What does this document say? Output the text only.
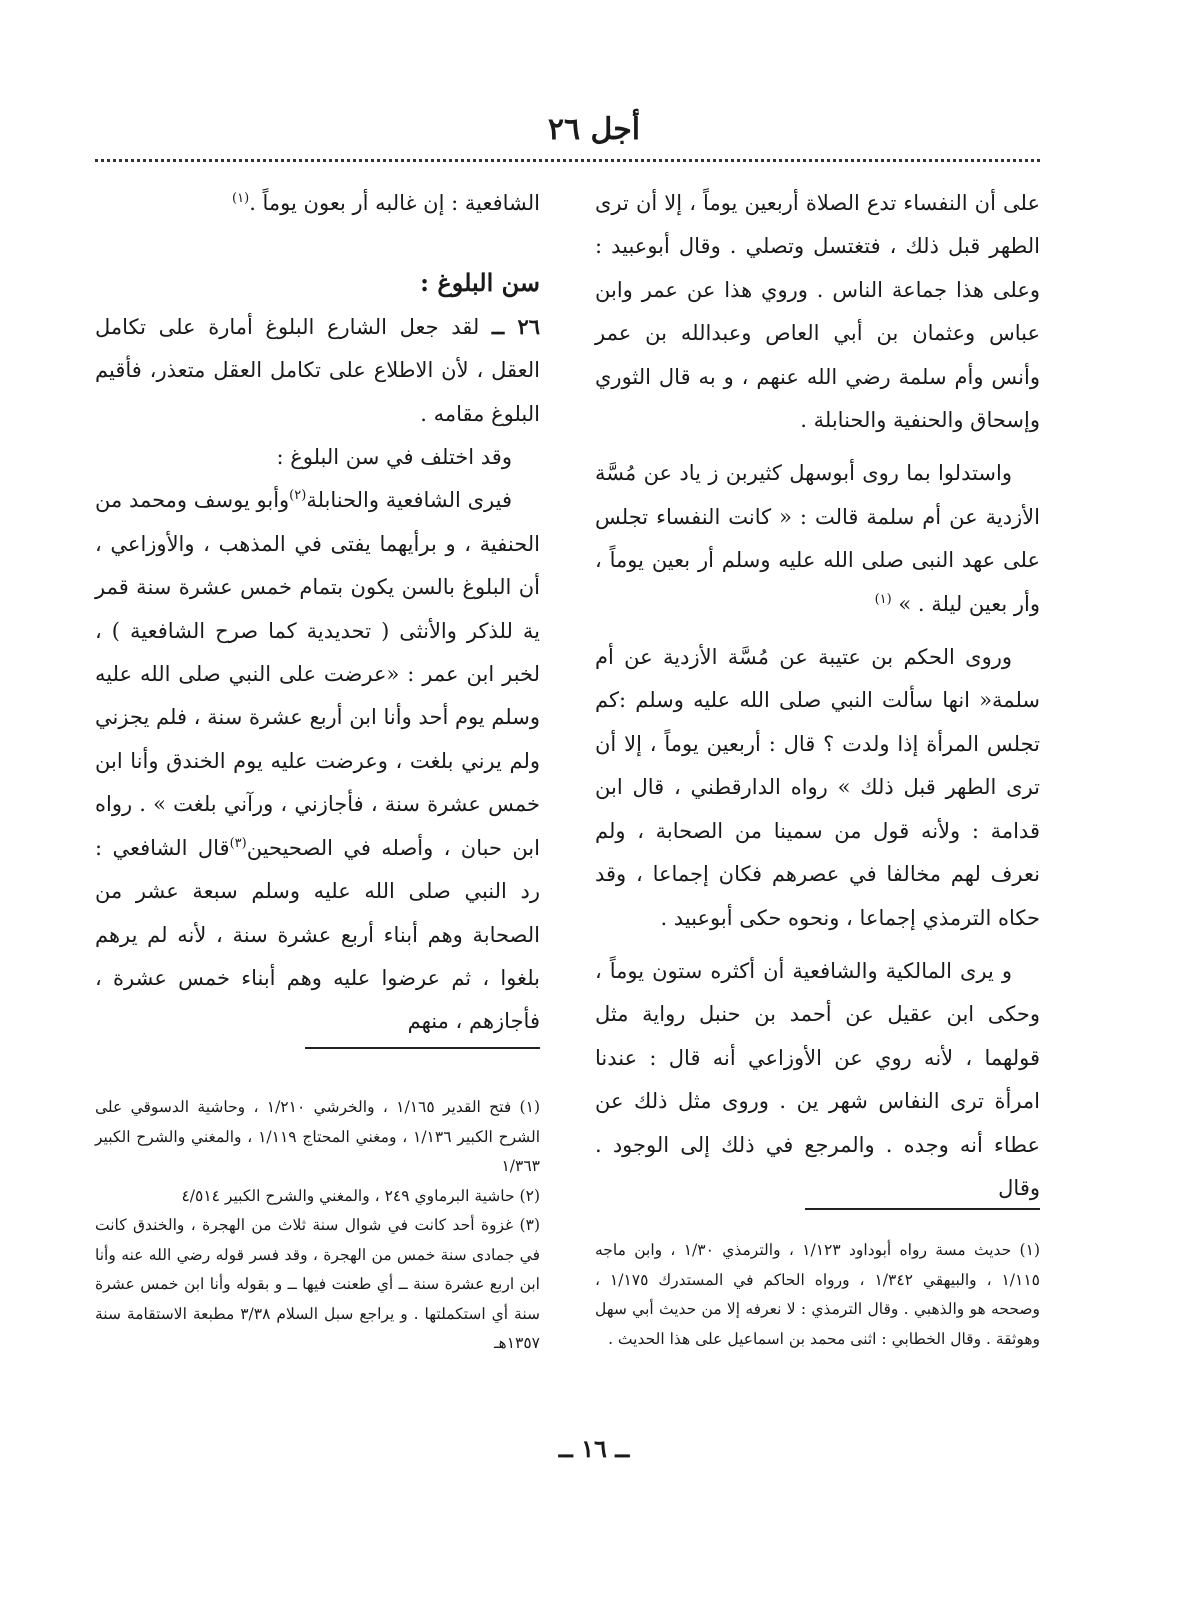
أجل ٢٦

على أن النفساء تدع الصلاة أربعين يوماً ، إلا أن ترى الطهر قبل ذلك ، فتغتسل وتصلي . وقال أبوعبيد : وعلى هذا جماعة الناس . وروي هذا عن عمر وابن عباس وعثمان بن أبي العاص وعبدالله بن عمر وأنس وأم سلمة رضي الله عنهم ، و به قال الثوري وإسحاق والحنفية والحنابلة .

واستدلوا بما روى أبوسهل كثيربن ز ياد عن مُسَّة الأزدية عن أم سلمة قالت : « كانت النفساء تجلس على عهد النبى صلى الله عليه وسلم أر بعين يوماً ، وأر بعين ليلة . » $^{(١)}$

وروى الحكم بن عتيبة عن مُسَّة الأزدية عن أم سلمة« انها سألت النبي صلى الله عليه وسلم :كم تجلس المرأة إذا ولدت ؟ قال : أربعين يوماً ، إلا أن ترى الطهر قبل ذلك » رواه الدارقطني ، قال ابن قدامة : ولأنه قول من سمينا من الصحابة ، ولم نعرف لهم مخالفا في عصرهم فكان إجماعا ، وقد حكاه الترمذي إجماعا ، ونحوه حكى أبوعبيد .

و يرى المالكية والشافعية أن أكثره ستون يوماً ، وحكى ابن عقيل عن أحمد بن حنبل رواية مثل قولهما ، لأنه روي عن الأوزاعي أنه قال : عندنا امرأة ترى النفاس شهر ين . وروى مثل ذلك عن عطاء أنه وجده . والمرجع في ذلك إلى الوجود . وقال

الشافعية : إن غالبه أر بعون يوماً .$^{(١)}$

سن البلوغ :

٢٦ ــ لقد جعل الشارع البلوغ أمارة على تكامل العقل ، لأن الاطلاع على تكامل العقل متعذر، فأقيم البلوغ مقامه .

وقد اختلف في سن البلوغ :

فيرى الشافعية والحنابلة$^{(٢)}$وأبو يوسف ومحمد من الحنفية ، و برأيهما يفتى في المذهب ، والأوزاعي ، أن البلوغ بالسن يكون بتمام خمس عشرة سنة قمر ية للذكر والأنثى ( تحديدية كما صرح الشافعية ) ، لخبر ابن عمر : «عرضت على النبي صلى الله عليه وسلم يوم أحد وأنا ابن أربع عشرة سنة ، فلم يجزني ولم يرني بلغت ، وعرضت عليه يوم الخندق وأنا ابن خمس عشرة سنة ، فأجازني ، ورآني بلغت » . رواه ابن حبان ، وأصله في الصحيحين$^{(٣)}$قال الشافعي : رد النبي صلى الله عليه وسلم سبعة عشر من الصحابة وهم أبناء أربع عشرة سنة ، لأنه لم يرهم بلغوا ، ثم عرضوا عليه وهم أبناء خمس عشرة ، فأجازهم ، منهم

(١) حديث مسة رواه أبوداود ١/١٢٣ ، والترمذي ١/٣٠ ، وابن ماجه ١/١١٥ ، والبيهقي ١/٣٤٢ ، ورواه الحاكم في المستدرك ١/١٧٥ ، وصححه هو والذهبي . وقال الترمذي : لا نعرفه إلا من حديث أبي سهل وهوثقة . وقال الخطابي : اثنى محمد بن اسماعيل على هذا الحديث .

(١) فتح القدير ١/١٦٥ ، والخرشي ١/٢١٠ ، وحاشية الدسوقي على الشرح الكبير ١/١٣٦ ، ومغني المحتاج ١/١١٩ ، والمغني والشرح الكبير ١/٣٦٣

(٢) حاشية البرماوي ٢٤٩ ، والمغني والشرح الكبير ٤/٥١٤

(٣) غزوة أحد كانت في شوال سنة ثلاث من الهجرة ، والخندق كانت في جمادى سنة خمس من الهجرة ، وقد فسر قوله رضي الله عنه وأنا ابن اربع عشرة سنة ــ أي طعنت فيها ــ و بقوله وأنا ابن خمس عشرة سنة أي استكملتها . و يراجع سبل السلام ٣/٣٨ مطبعة الاستقامة سنة ١٣٥٧هـ

ــ ١٦ ــ
